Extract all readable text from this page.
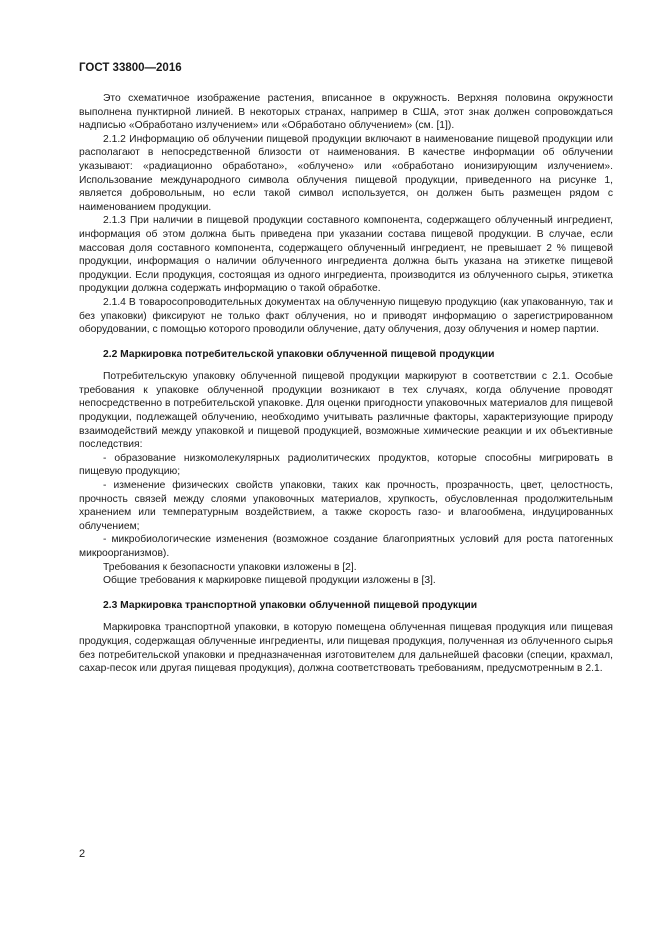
ГОСТ 33800—2016

Это схематичное изображение растения, вписанное в окружность. Верхняя половина окружности выполнена пунктирной линией. В некоторых странах, например в США, этот знак должен сопровождаться надписью «Обработано излучением» или «Обработано облучением» (см. [1]).

2.1.2 Информацию об облучении пищевой продукции включают в наименование пищевой продукции или располагают в непосредственной близости от наименования. В качестве информации об облучении указывают: «радиационно обработано», «облучено» или «обработано ионизирующим излучением». Использование международного символа облучения пищевой продукции, приведенного на рисунке 1, является добровольным, но если такой символ используется, он должен быть размещен рядом с наименованием продукции.

2.1.3 При наличии в пищевой продукции составного компонента, содержащего облученный ингредиент, информация об этом должна быть приведена при указании состава пищевой продукции. В случае, если массовая доля составного компонента, содержащего облученный ингредиент, не превышает 2 % пищевой продукции, информация о наличии облученного ингредиента должна быть указана на этикетке пищевой продукции. Если продукция, состоящая из одного ингредиента, производится из облученного сырья, этикетка продукции должна содержать информацию о такой обработке.

2.1.4 В товаросопроводительных документах на облученную пищевую продукцию (как упакованную, так и без упаковки) фиксируют не только факт облучения, но и приводят информацию о зарегистрированном оборудовании, с помощью которого проводили облучение, дату облучения, дозу облучения и номер партии.

2.2 Маркировка потребительской упаковки облученной пищевой продукции

Потребительскую упаковку облученной пищевой продукции маркируют в соответствии с 2.1. Особые требования к упаковке облученной продукции возникают в тех случаях, когда облучение проводят непосредственно в потребительской упаковке. Для оценки пригодности упаковочных материалов для пищевой продукции, подлежащей облучению, необходимо учитывать различные факторы, характеризующие природу взаимодействий между упаковкой и пищевой продукцией, возможные химические реакции и их объективные последствия:

- образование низкомолекулярных радиолитических продуктов, которые способны мигрировать в пищевую продукцию;

- изменение физических свойств упаковки, таких как прочность, прозрачность, цвет, целостность, прочность связей между слоями упаковочных материалов, хрупкость, обусловленная продолжительным хранением или температурным воздействием, а также скорость газо- и влагообмена, индуцированных облучением;

- микробиологические изменения (возможное создание благоприятных условий для роста патогенных микроорганизмов).

Требования к безопасности упаковки изложены в [2].

Общие требования к маркировке пищевой продукции изложены в [3].

2.3 Маркировка транспортной упаковки облученной пищевой продукции

Маркировка транспортной упаковки, в которую помещена облученная пищевая продукция или пищевая продукция, содержащая облученные ингредиенты, или пищевая продукция, полученная из облученного сырья без потребительской упаковки и предназначенная изготовителем для дальнейшей фасовки (специи, крахмал, сахар-песок или другая пищевая продукция), должна соответствовать требованиям, предусмотренным в 2.1.

2
